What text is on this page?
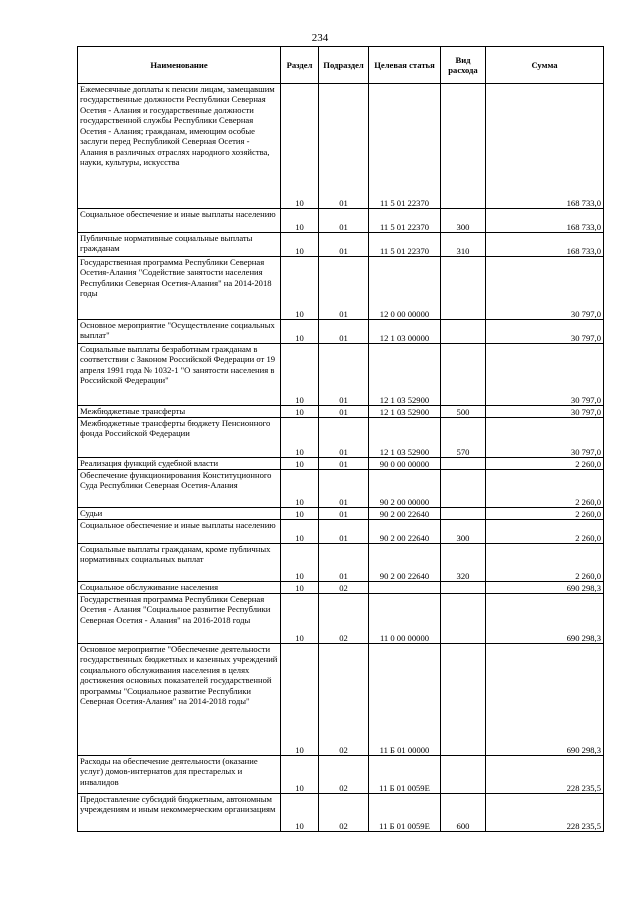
234
Наименование	Раздел	Подраздел	Целевая статья	Вид расхода	Сумма
Ежемесячные доплаты к пенсии лицам, замещавшим государственные должности Республики Северная Осетия - Алания и государственные должности государственной службы Республики Северная Осетия - Алания; гражданам, имеющим особые заслуги перед Республикой Северная Осетия - Алания в различных отраслях народного хозяйства, науки, культуры, искусства	10	01	11 5 01 22370		168 733,0
Социальное обеспечение и иные выплаты населению	10	01	11 5 01 22370	300	168 733,0
Публичные нормативные социальные выплаты гражданам	10	01	11 5 01 22370	310	168 733,0
Государственная программа Республики Северная Осетия-Алания "Содействие занятости населения Республики Северная Осетия-Алания" на 2014-2018 годы	10	01	12 0 00 00000		30 797,0
Основное мероприятие "Осуществление социальных выплат"	10	01	12 1 03 00000		30 797,0
Социальные выплаты безработным гражданам в соответствии с Законом Российской Федерации от 19 апреля 1991 года № 1032-1 "О занятости населения в Российской Федерации"	10	01	12 1 03 52900		30 797,0
Межбюджетные трансферты	10	01	12 1 03 52900	500	30 797,0
Межбюджетные трансферты бюджету Пенсионного фонда Российской Федерации	10	01	12 1 03 52900	570	30 797,0
Реализация функций судебной власти	10	01	90 0 00 00000		2 260,0
Обеспечение функционирования Конституционного Суда Республики Северная Осетия-Алания	10	01	90 2 00 00000		2 260,0
Судьи	10	01	90 2 00 22640		2 260,0
Социальное обеспечение и иные выплаты населению	10	01	90 2 00 22640	300	2 260,0
Социальные выплаты гражданам, кроме публичных нормативных социальных выплат	10	01	90 2 00 22640	320	2 260,0
Социальное обслуживание населения	10	02			690 298,3
Государственная программа Республики Северная Осетия - Алания "Социальное развитие Республики Северная Осетия - Алания" на 2016-2018 годы	10	02	11 0 00 00000		690 298,3
Основное мероприятие "Обеспечение деятельности государственных бюджетных и казенных учреждений социального обслуживания населения в целях достижения основных показателей государственной программы "Социальное развитие Республики Северная Осетия-Алания" на 2014-2018 годы"	10	02	11 Б 01 00000		690 298,3
Расходы на обеспечение деятельности (оказание услуг) домов-интернатов для престарелых и инвалидов	10	02	11 Б 01 0059Е		228 235,5
Предоставление субсидий бюджетным, автономным учреждениям и иным некоммерческим организациям	10	02	11 Б 01 0059Е	600	228 235,5
